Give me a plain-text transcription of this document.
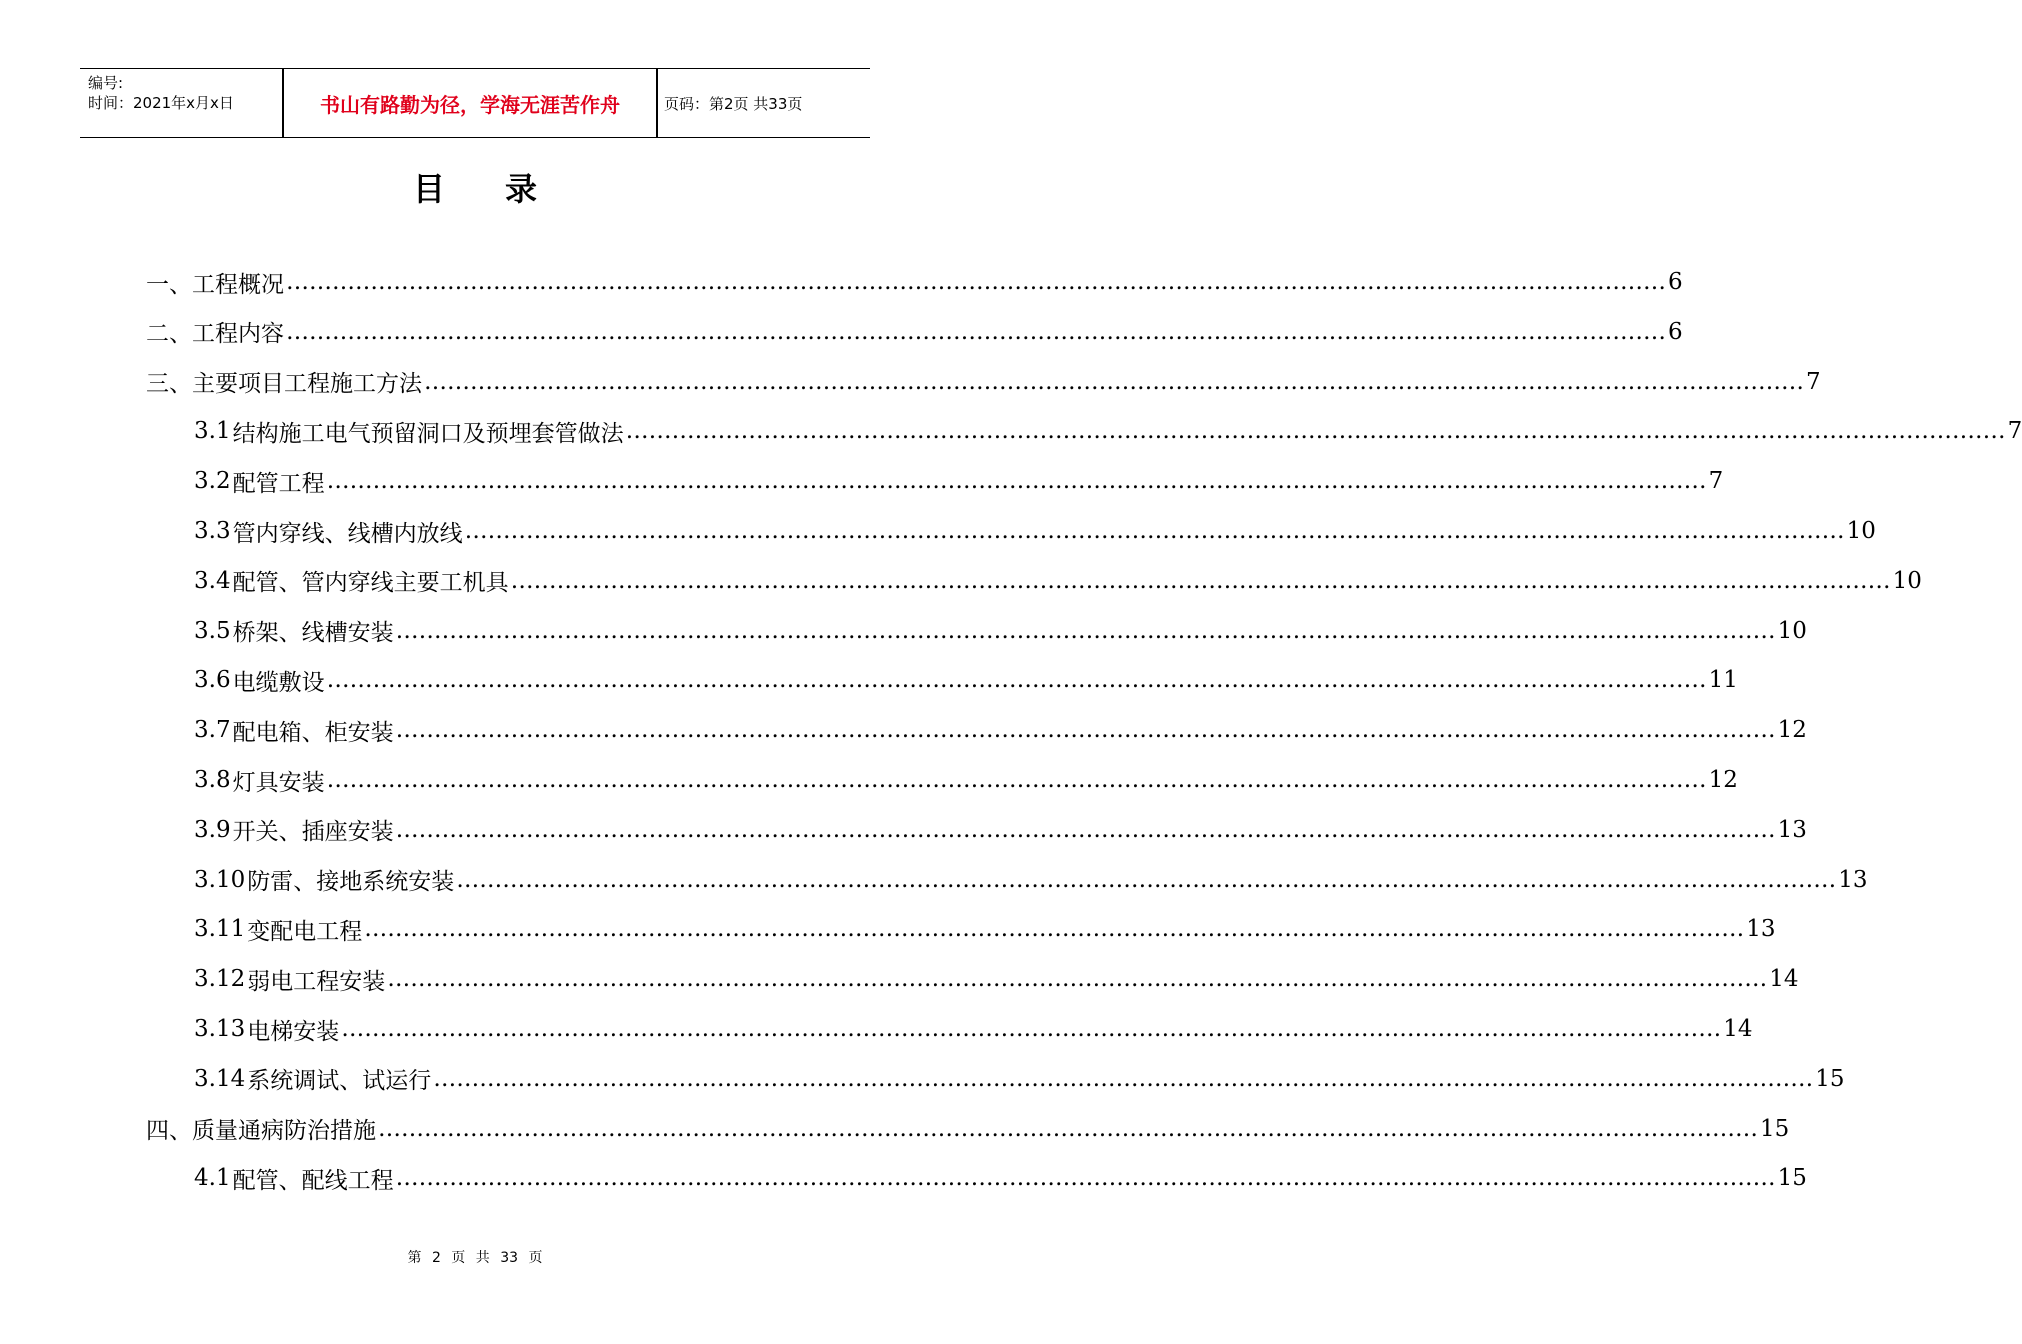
编号:
时间：2021年x月x日	书山有路勤为径，学海无涯苦作舟	页码：第2页 共33页
目录
一、 工程概况 ……………………………………………………………………………………………………………………………………………………………… 6
二、 工程内容 ……………………………………………………………………………………………………………………………………………………………… 6
三、 主要项目工程施工方法 ……………………………………………………………………………………………………………………………………………………………… 7
3.1 结构施工电气预留洞口及预埋套管做法 ……………………………………………………………………………………………………………………………………………………………… 7
3.2 配管工程 ……………………………………………………………………………………………………………………………………………………………… 7
3.3 管内穿线、线槽内放线 ……………………………………………………………………………………………………………………………………………………………… 10
3.4 配管、管内穿线主要工机具 ……………………………………………………………………………………………………………………………………………………………… 10
3.5 桥架、线槽安装 ……………………………………………………………………………………………………………………………………………………………… 10
3.6 电缆敷设 ……………………………………………………………………………………………………………………………………………………………… 11
3.7 配电箱、柜安装 ……………………………………………………………………………………………………………………………………………………………… 12
3.8 灯具安装 ……………………………………………………………………………………………………………………………………………………………… 12
3.9 开关、插座安装 ……………………………………………………………………………………………………………………………………………………………… 13
3.10 防雷、接地系统安装 ……………………………………………………………………………………………………………………………………………………………… 13
3.11 变配电工程 ……………………………………………………………………………………………………………………………………………………………… 13
3.12 弱电工程安装 ……………………………………………………………………………………………………………………………………………………………… 14
3.13 电梯安装 ……………………………………………………………………………………………………………………………………………………………… 14
3.14 系统调试、试运行 ……………………………………………………………………………………………………………………………………………………………… 15
四、 质量通病防治措施 ……………………………………………………………………………………………………………………………………………………………… 15
4.1 配管、配线工程 ……………………………………………………………………………………………………………………………………………………………… 15
第 2 页 共 33 页
